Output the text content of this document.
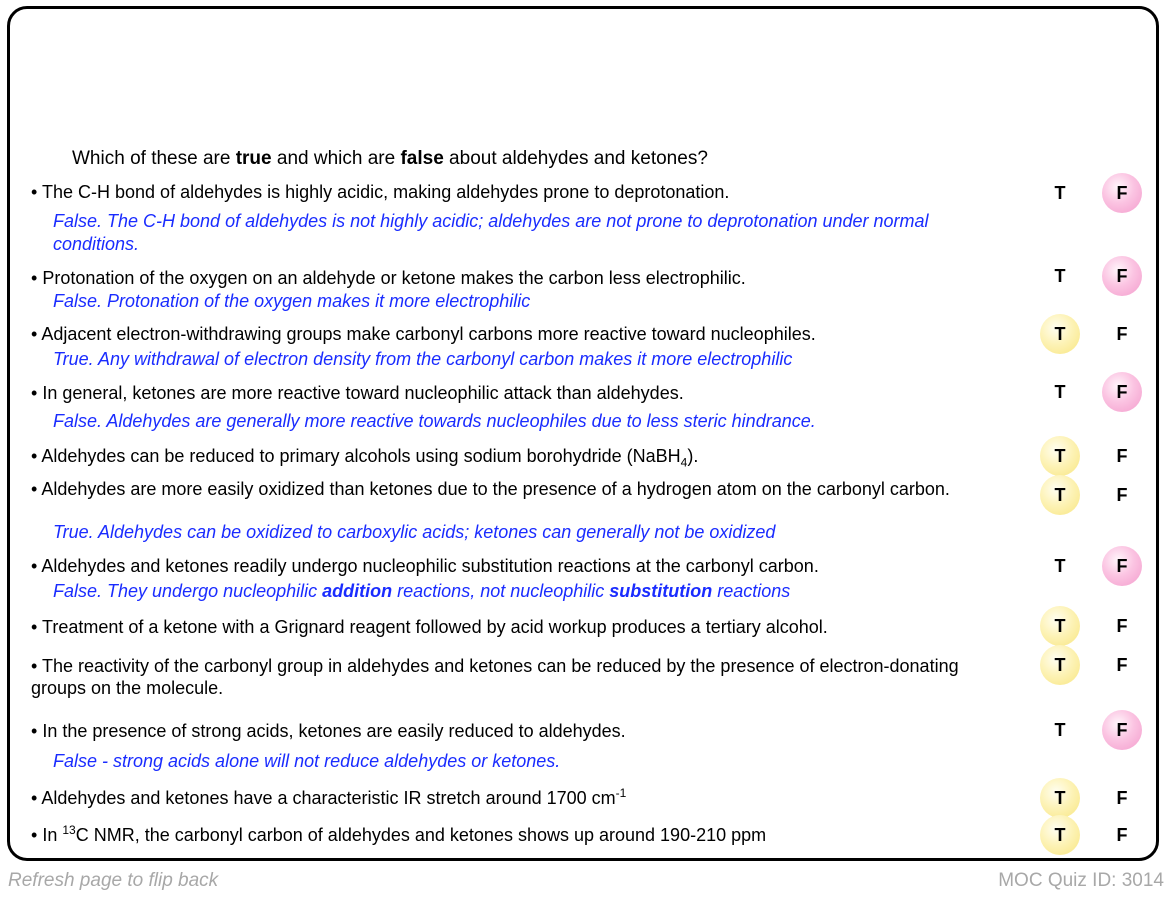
Which of these are true and which are false about aldehydes and ketones?
• The C-H bond of aldehydes is highly acidic, making aldehydes prone to deprotonation.
False. The C-H bond of aldehydes is not highly acidic; aldehydes are not prone to deprotonation under normal conditions.
T	F
• Protonation of the oxygen on an aldehyde or ketone makes the carbon less electrophilic.
False. Protonation of the oxygen makes it more electrophilic
T	F
• Adjacent electron-withdrawing groups make carbonyl carbons more reactive toward nucleophiles.
True. Any withdrawal of electron density from the carbonyl carbon makes it more electrophilic
T	F
• In general, ketones are more reactive toward nucleophilic attack than aldehydes.
False. Aldehydes are generally more reactive towards nucleophiles due to less steric hindrance.
T	F
• Aldehydes can be reduced to primary alcohols using sodium borohydride (NaBH$_4$).	T	F
• Aldehydes are more easily oxidized than ketones due to the presence of a hydrogen atom on the carbonyl carbon.
True. Aldehydes can be oxidized to carboxylic acids; ketones can generally not be oxidized
T	F
• Aldehydes and ketones readily undergo nucleophilic substitution reactions at the carbonyl carbon.
False. They undergo nucleophilic addition reactions, not nucleophilic substitution reactions
T	F
• Treatment of a ketone with a Grignard reagent followed by acid workup produces a tertiary alcohol.	T	F
• The reactivity of the carbonyl group in aldehydes and ketones can be reduced by the presence of electron-donating groups on the molecule.
T	F
• In the presence of strong acids, ketones are easily reduced to aldehydes.
False - strong acids alone will not reduce aldehydes or ketones.
T	F
• Aldehydes and ketones have a characteristic IR stretch around 1700 $cm^{-1}$	T	F
• In $^{13}$C NMR, the carbonyl carbon of aldehydes and ketones shows up around 190-210 ppm	T	F
Refresh page to flip back	MOC Quiz ID: 3014
